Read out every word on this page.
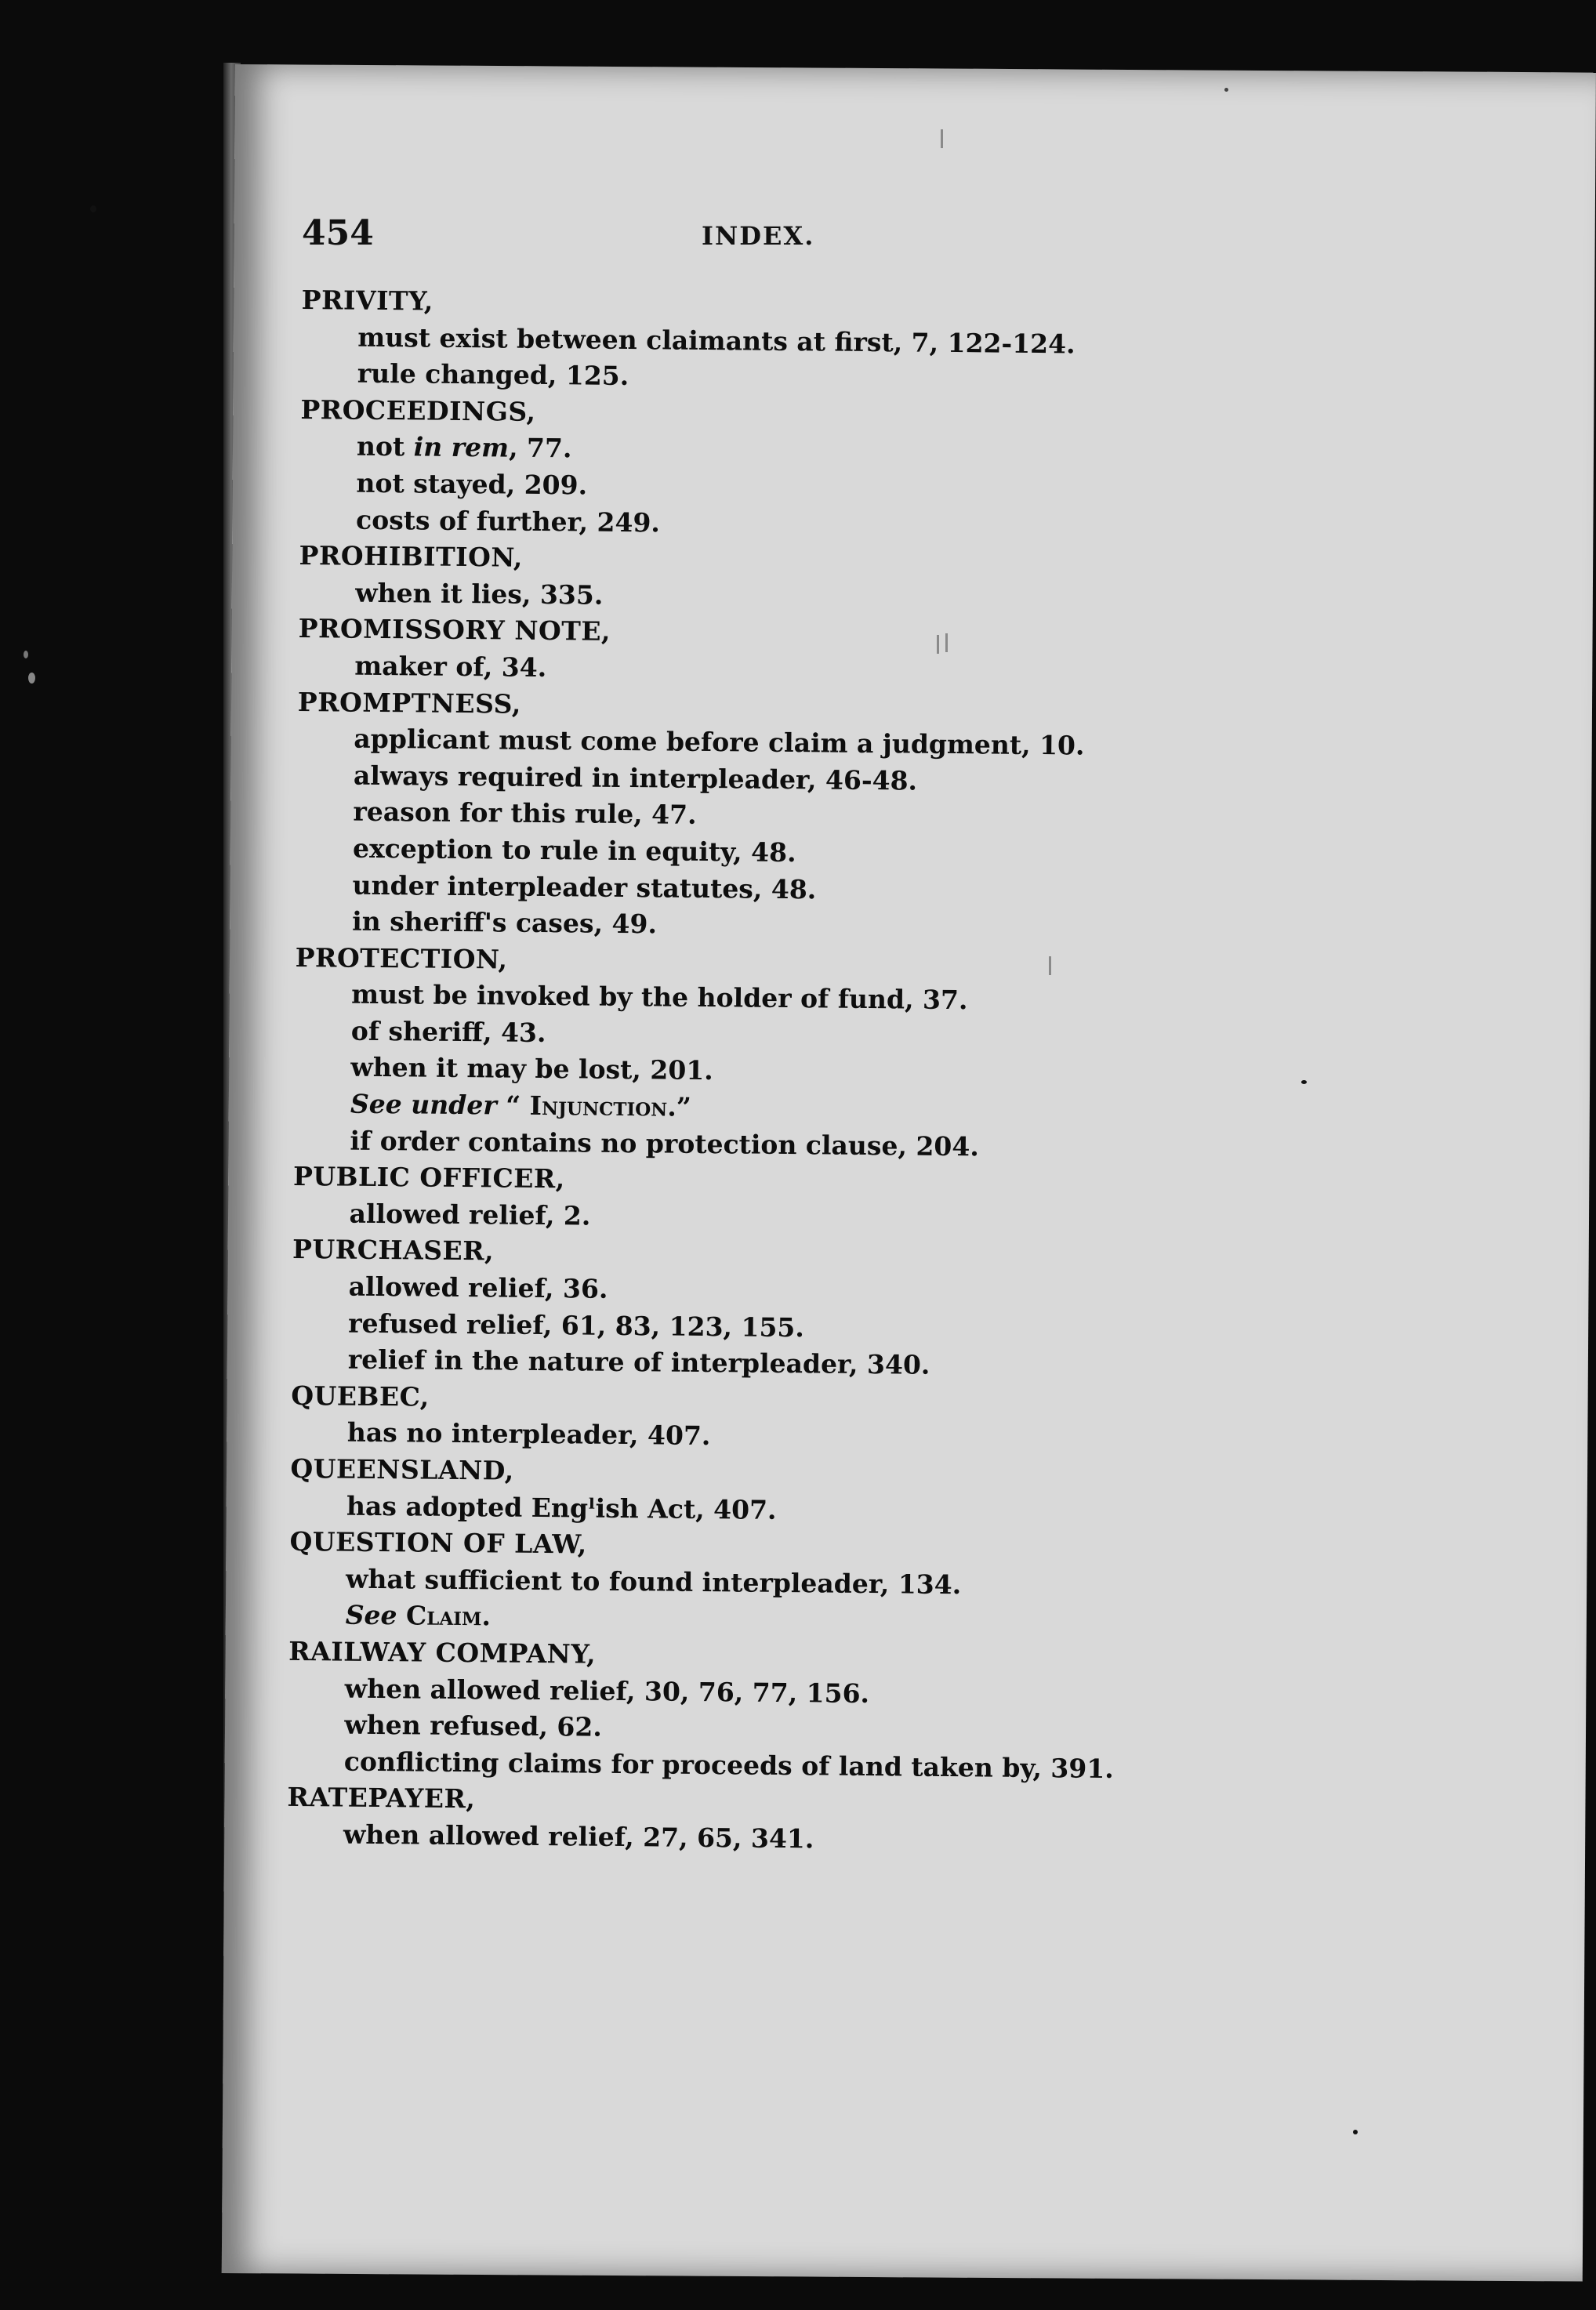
454	INDEX.
PRIVITY,
must exist between claimants at first, 7, 122-124.
rule changed, 125.
PROCEEDINGS,
not in rem, 77.
not stayed, 209.
costs of further, 249.
PROHIBITION,
when it lies, 335.
PROMISSORY NOTE,
maker of, 34.
PROMPTNESS,
applicant must come before claim a judgment, 10.
always required in interpleader, 46-48.
reason for this rule, 47.
exception to rule in equity, 48.
under interpleader statutes, 48.
in sheriff's cases, 49.
PROTECTION,
must be invoked by the holder of fund, 37.
of sheriff, 43.
when it may be lost, 201.
See under “ Injunction.”
if order contains no protection clause, 204.
PUBLIC OFFICER,
allowed relief, 2.
PURCHASER,
allowed relief, 36.
refused relief, 61, 83, 123, 155.
relief in the nature of interpleader, 340.
QUEBEC,
has no interpleader, 407.
QUEENSLAND,
has adopted Engˡish Act, 407.
QUESTION OF LAW,
what sufficient to found interpleader, 134.
See Claim.
RAILWAY COMPANY,
when allowed relief, 30, 76, 77, 156.
when refused, 62.
conflicting claims for proceeds of land taken by, 391.
RATEPAYER,
when allowed relief, 27, 65, 341.
